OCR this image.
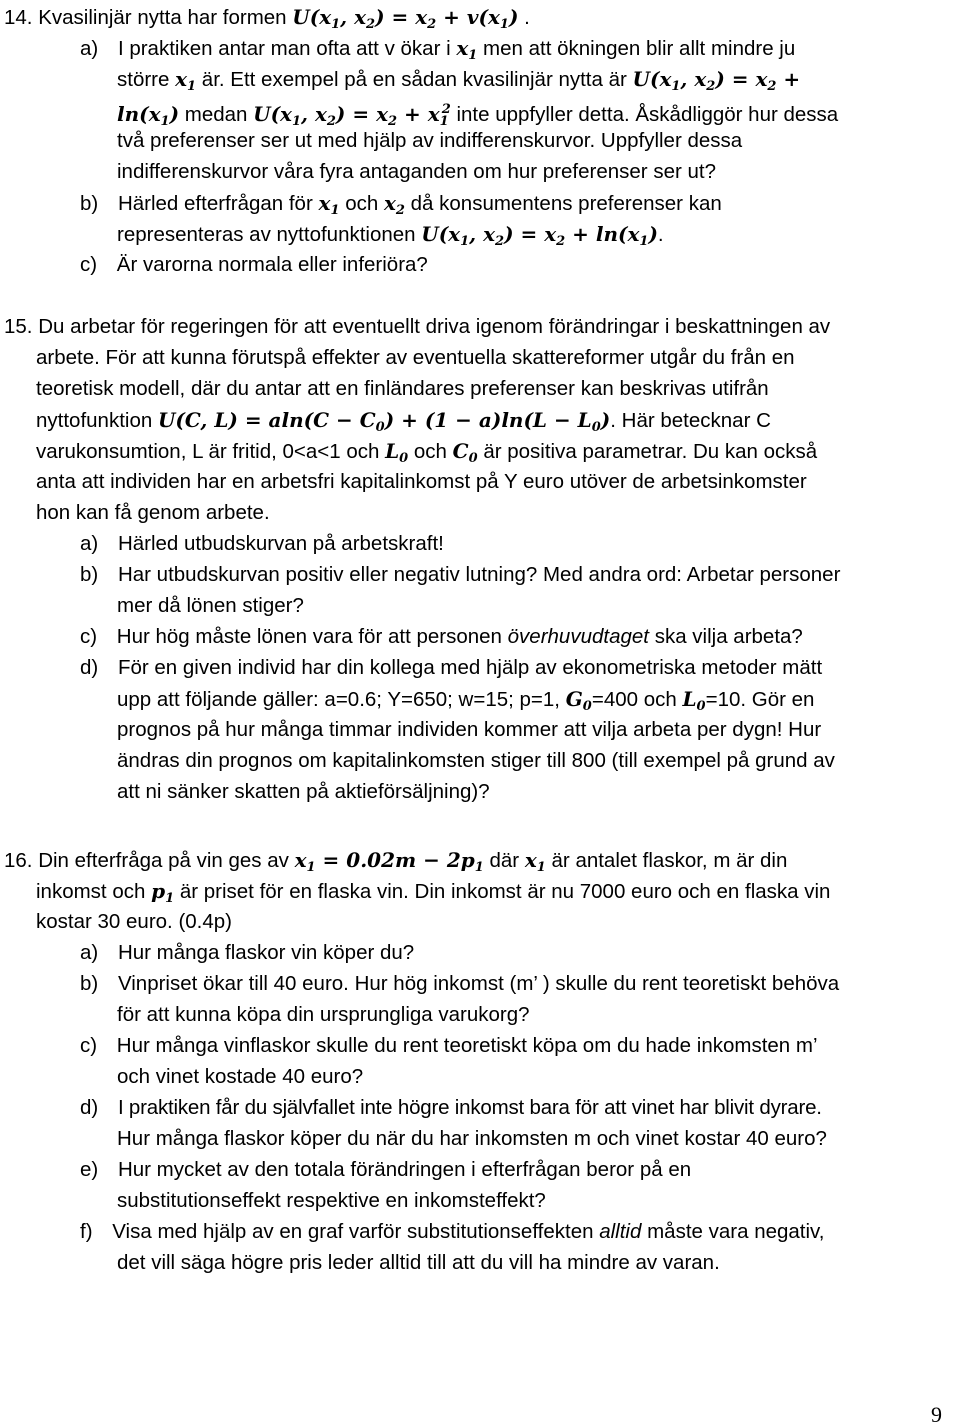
14. Kvasilinjär nytta har formen $U(x_1$, $x_2) = x_2 + v(x_1)$ .
a) I praktiken antar man ofta att v ökar i $x_1$ men att ökningen blir allt mindre ju
större $x_1$ är. Ett exempel på en sådan kvasilinjär nytta är $U(x_1$, $x_2) = x_2$ +
$\ln(x_1)$ medan $U(x_1$, $x_2) = x_2 + x_1^2$ inte uppfyller detta. Åskådliggör hur dessa
två preferenser ser ut med hjälp av indifferenskurvor. Uppfyller dessa
indifferenskurvor våra fyra antaganden om hur preferenser ser ut?
b) Härled efterfrågan för $x_1$ och $x_2$ då konsumentens preferenser kan
representeras av nyttofunktionen $U(x_1$, $x_2) = x_2 + \ln(x_1)$.
c) Är varorna normala eller inferiöra?
15. Du arbetar för regeringen för att eventuellt driva igenom förändringar i beskattningen av
arbete. För att kunna förutspå effekter av eventuella skattereformer utgår du från en
teoretisk modell, där du antar att en finländares preferenser kan beskrivas utifrån
nyttofunktion U(C, $L) = aln(C - C_0) + (1 - a)\ln(L - L_0)$. Här betecknar C
varukonsumtion, L är fritid, 0<a<1 och $L_0$ och $C_0$ är positiva parametrar. Du kan också
anta att individen har en arbetsfri kapitalinkomst på Y euro utöver de arbetsinkomster
hon kan få genom arbete.
a) Härled utbudskurvan på arbetskraft!
b) Har utbudskurvan positiv eller negativ lutning? Med andra ord: Arbetar personer
mer då lönen stiger?
c) Hur hög måste lönen vara för att personen överhuvudtaget ska vilja arbeta?
d) För en given individ har din kollega med hjälp av ekonometriska metoder mätt
upp att följande gäller: a=0.6; Y=650; w=15; p=1, $G_0=400$ och $L_0=10$. Gör en
prognos på hur många timmar individen kommer att vilja arbeta per dygn! Hur
ändras din prognos om kapitalinkomsten stiger till 800 (till exempel på grund av
att ni sänker skatten på aktieförsäljning)?
16. Din efterfråga på vin ges av $x_1 = 0.02m - 2p_1$ där $x_1$ är antalet flaskor, m är din
inkomst och $p_1$ är priset för en flaska vin. Din inkomst är nu 7000 euro och en flaska vin
kostar 30 euro. (0.4p)
a) Hur många flaskor vin köper du?
b) Vinpriset ökar till 40 euro. Hur hög inkomst (m’ ) skulle du rent teoretiskt behöva
för att kunna köpa din ursprungliga varukorg?
c) Hur många vinflaskor skulle du rent teoretiskt köpa om du hade inkomsten m’
och vinet kostade 40 euro?
d) I praktiken får du självfallet inte högre inkomst bara för att vinet har blivit dyrare.
Hur många flaskor köper du när du har inkomsten m och vinet kostar 40 euro?
e) Hur mycket av den totala förändringen i efterfrågan beror på en
substitutionseffekt respektive en inkomsteffekt?
f) Visa med hjälp av en graf varför substitutionseffekten alltid måste vara negativ,
det vill säga högre pris leder alltid till att du vill ha mindre av varan.
9
